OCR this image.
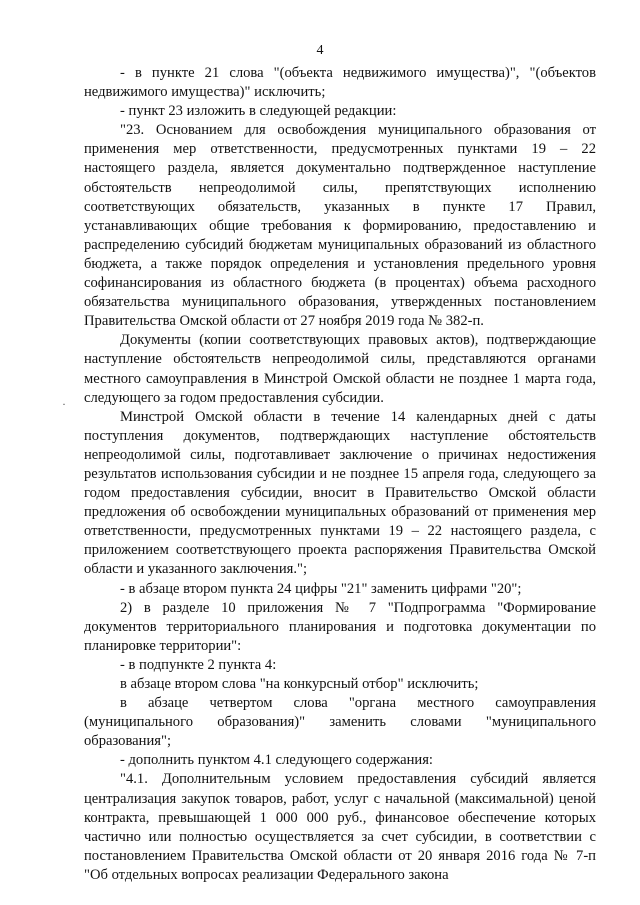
4
·

- в пункте 21 слова "(объекта недвижимого имущества)", "(объектов недвижимого имущества)" исключить;

- пункт 23 изложить в следующей редакции:

"23. Основанием для освобождения муниципального образования от применения мер ответственности, предусмотренных пунктами 19 – 22 настоящего раздела, является документально подтвержденное наступление обстоятельств непреодолимой силы, препятствующих исполнению соответствующих обязательств, указанных в пункте 17 Правил, устанавливающих общие требования к формированию, предоставлению и распределению субсидий бюджетам муниципальных образований из областного бюджета, а также порядок определения и установления предельного уровня софинансирования из областного бюджета (в процентах) объема расходного обязательства муниципального образования, утвержденных постановлением Правительства Омской области от 27 ноября 2019 года № 382-п.

Документы (копии соответствующих правовых актов), подтверждающие наступление обстоятельств непреодолимой силы, представляются органами местного самоуправления в Минстрой Омской области не позднее 1 марта года, следующего за годом предоставления субсидии.

Минстрой Омской области в течение 14 календарных дней с даты поступления документов, подтверждающих наступление обстоятельств непреодолимой силы, подготавливает заключение о причинах недостижения результатов использования субсидии и не позднее 15 апреля года, следующего за годом предоставления субсидии, вносит в Правительство Омской области предложения об освобождении муниципальных образований от применения мер ответственности, предусмотренных пунктами 19 – 22 настоящего раздела, с приложением соответствующего проекта распоряжения Правительства Омской области и указанного заключения.";

- в абзаце втором пункта 24 цифры "21" заменить цифрами "20";

2) в разделе 10 приложения № 7 "Подпрограмма "Формирование документов территориального планирования и подготовка документации по планировке территории":

- в подпункте 2 пункта 4:

в абзаце втором слова "на конкурсный отбор" исключить;

в абзаце четвертом слова "органа местного самоуправления (муниципального образования)" заменить словами "муниципального образования";

- дополнить пунктом 4.1 следующего содержания:

"4.1. Дополнительным условием предоставления субсидий является централизация закупок товаров, работ, услуг с начальной (максимальной) ценой контракта, превышающей 1 000 000 руб., финансовое обеспечение которых частично или полностью осуществляется за счет субсидии, в соответствии с постановлением Правительства Омской области от 20 января 2016 года № 7-п "Об отдельных вопросах реализации Федерального закона
